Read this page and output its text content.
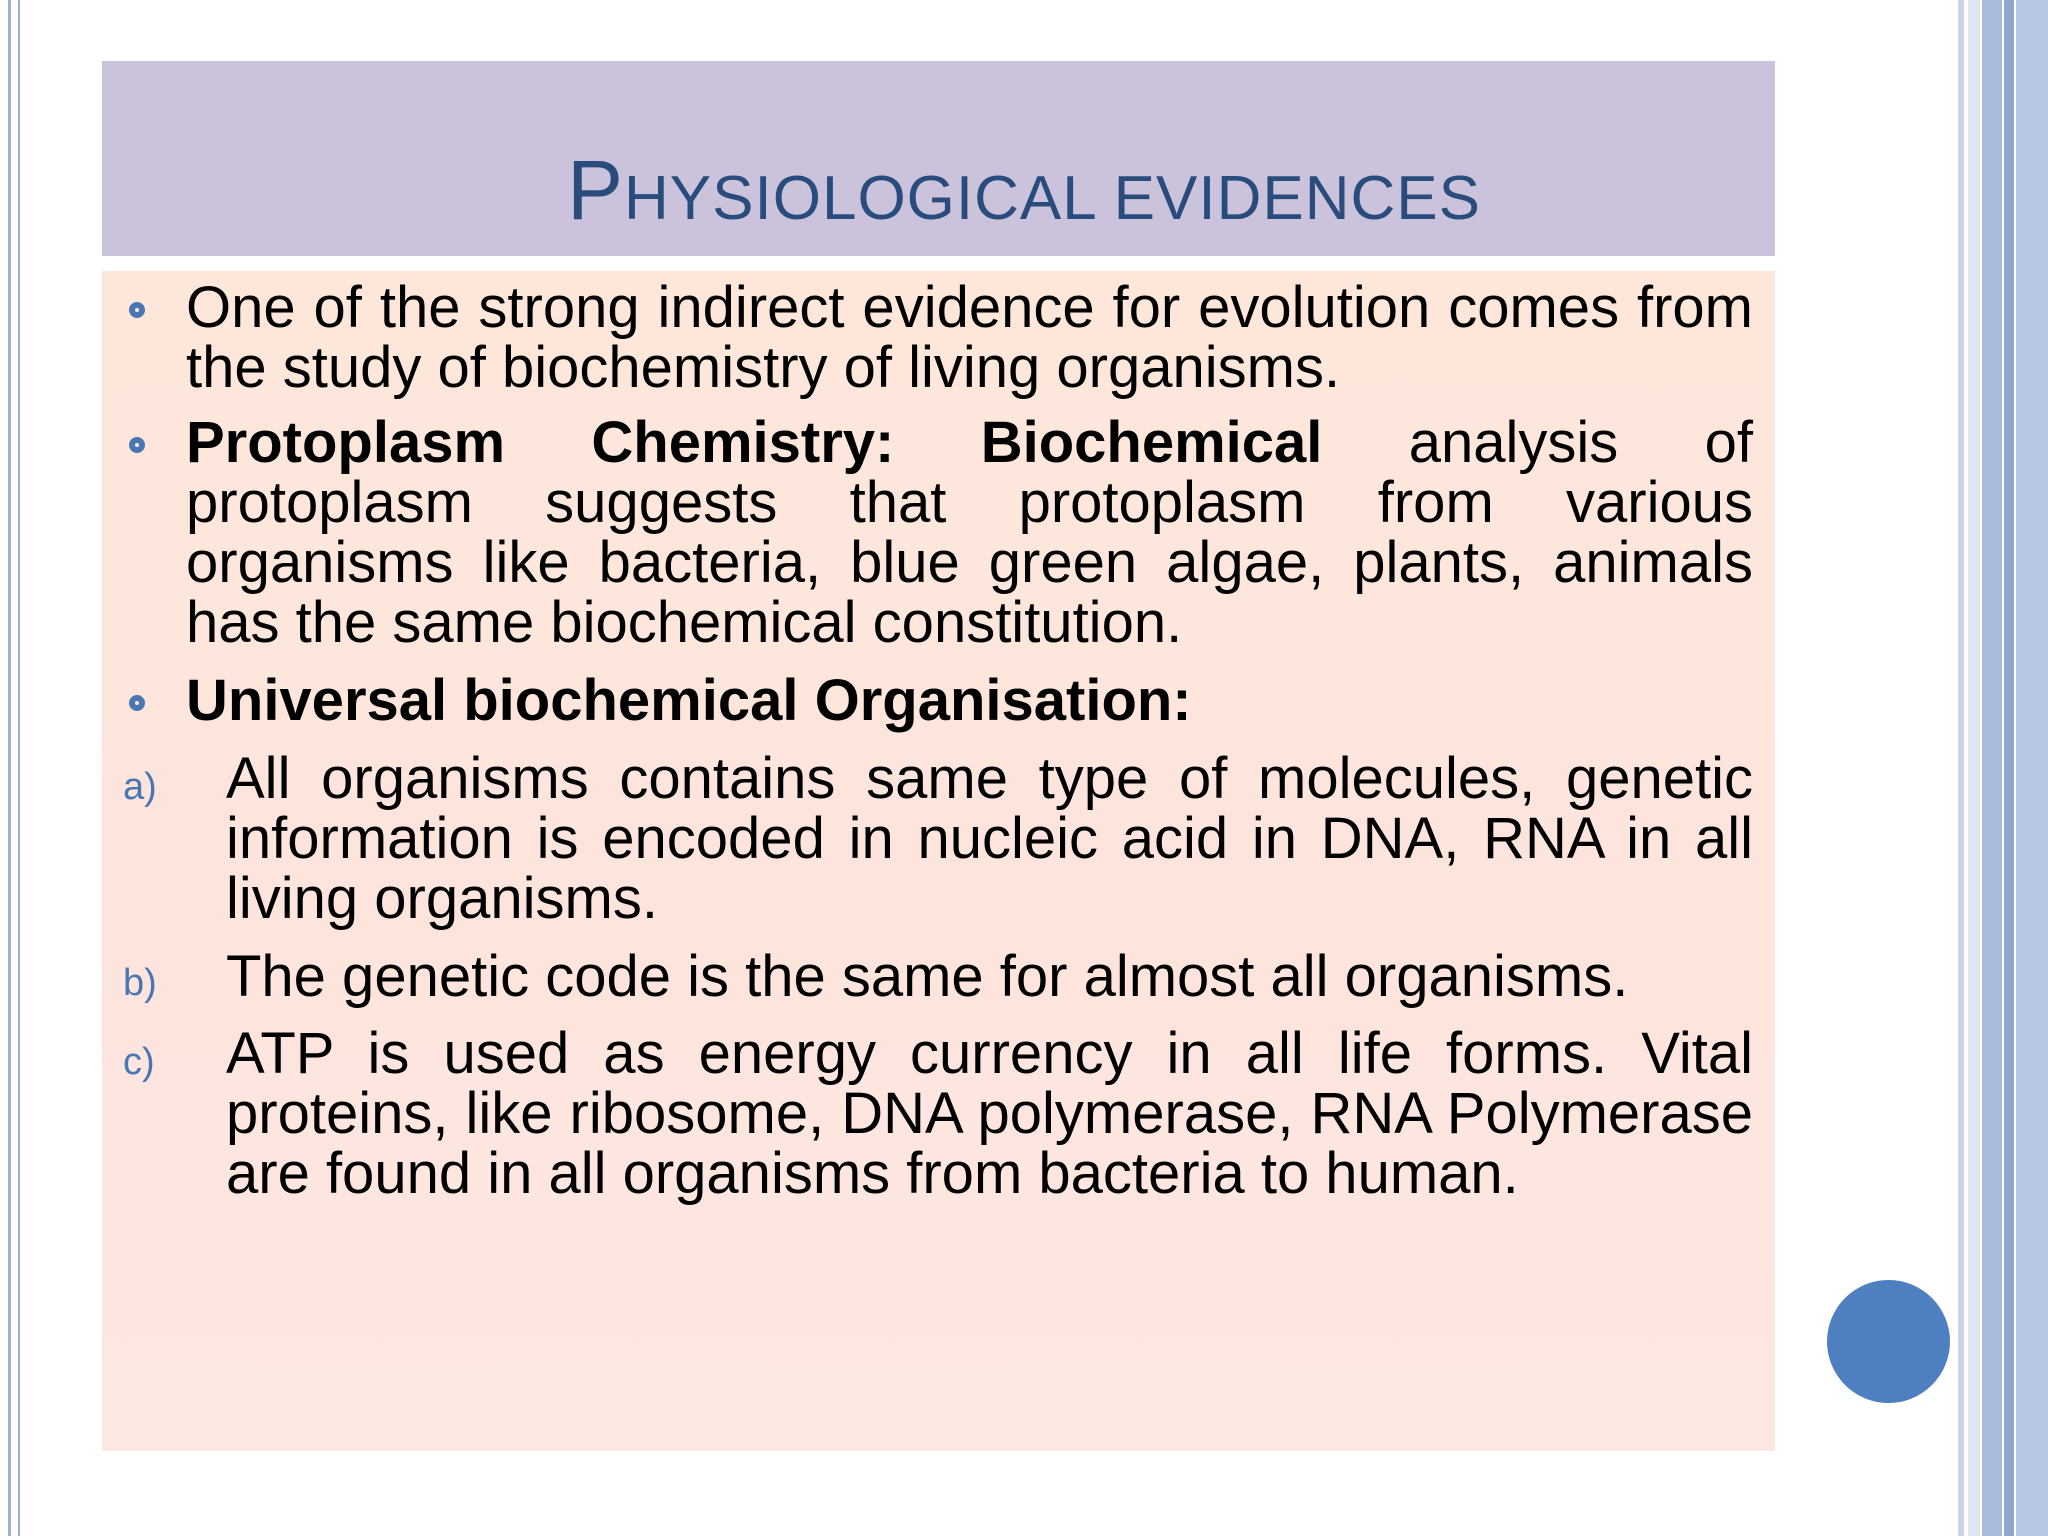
PHYSIOLOGICAL EVIDENCES
One of the strong indirect evidence for evolution comes from the study of biochemistry of living organisms.
Protoplasm Chemistry: Biochemical analysis of protoplasm suggests that protoplasm from various organisms like bacteria, blue green algae, plants, animals has the same biochemical constitution.
Universal biochemical Organisation:
a) All organisms contains same type of molecules, genetic information is encoded in nucleic acid in DNA, RNA in all living organisms.
b) The genetic code is the same for almost all organisms.
c) ATP is used as energy currency in all life forms. Vital proteins, like ribosome, DNA polymerase, RNA Polymerase are found in all organisms from bacteria to human.
